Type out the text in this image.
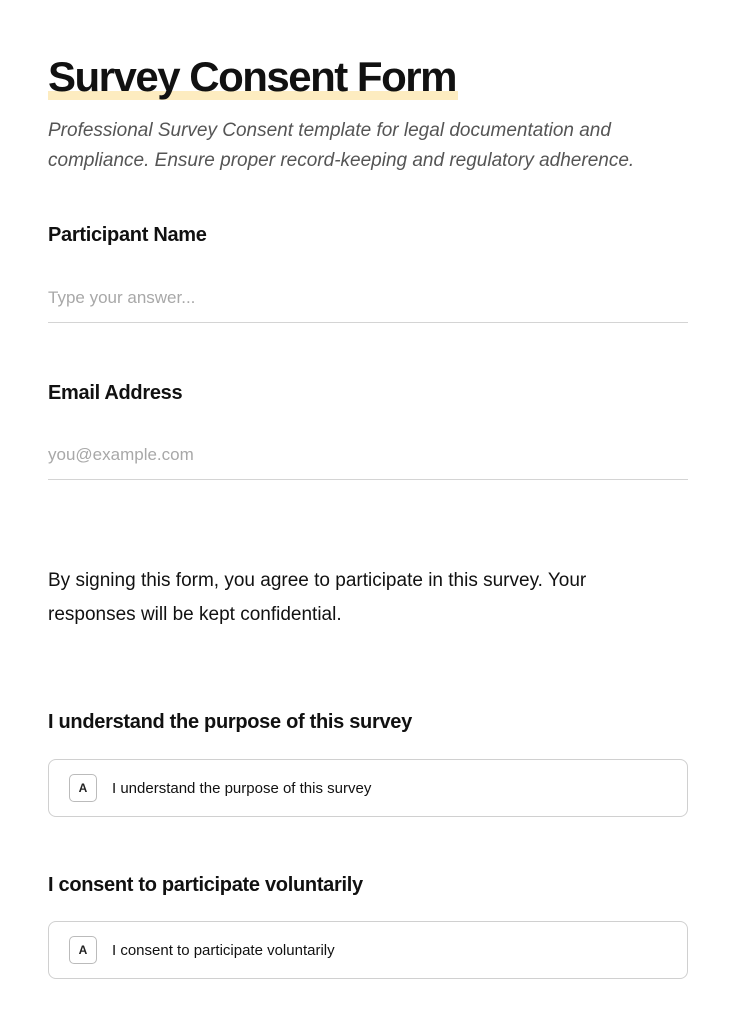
Survey Consent Form

Professional Survey Consent template for legal documentation and compliance. Ensure proper record-keeping and regulatory adherence.

Participant Name

Type your answer...

Email Address

you@example.com

By signing this form, you agree to participate in this survey. Your responses will be kept confidential.

I understand the purpose of this survey

A	I understand the purpose of this survey

I consent to participate voluntarily

A	I consent to participate voluntarily
